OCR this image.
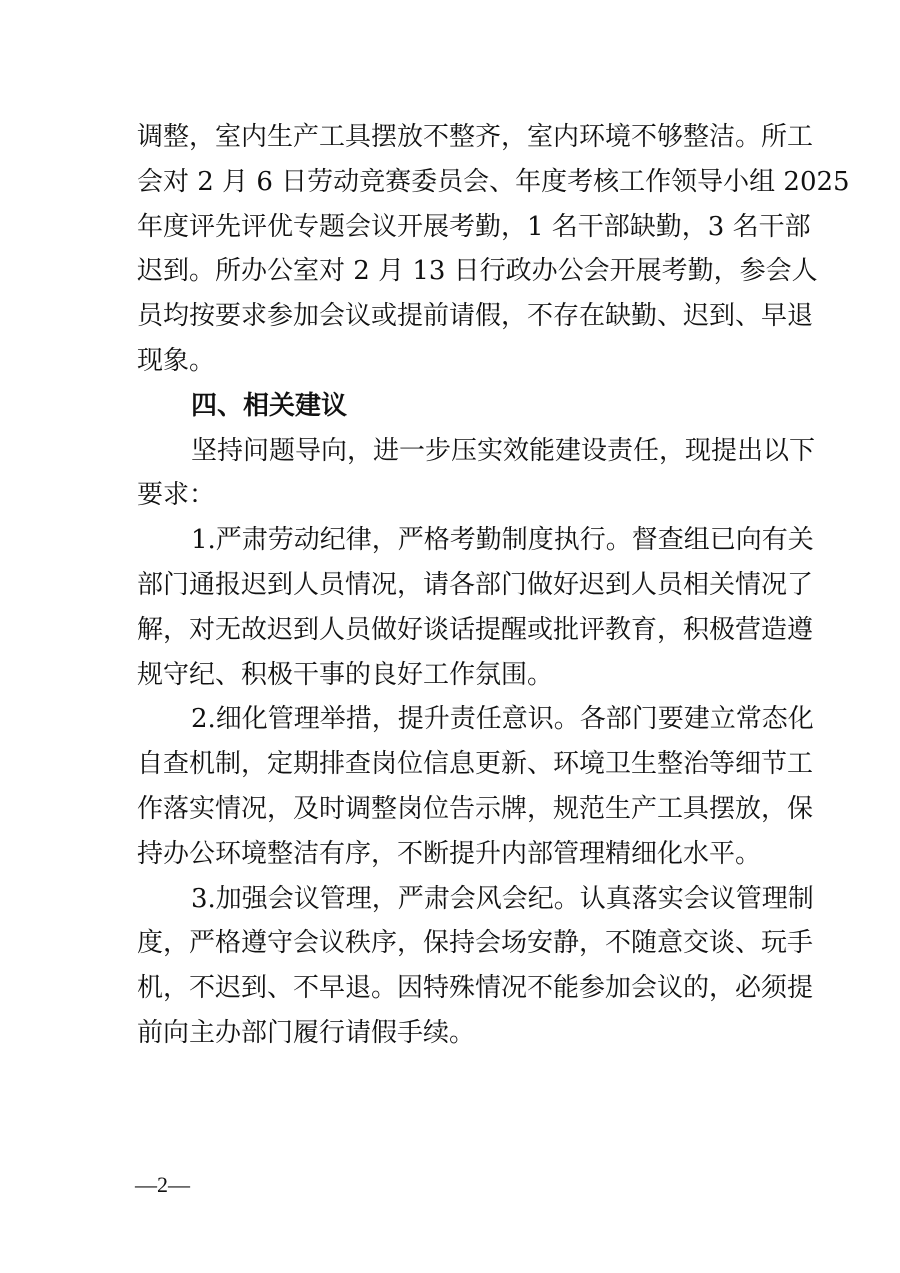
调整，室内生产工具摆放不整齐，室内环境不够整洁。所工
会对 2 月 6 日劳动竞赛委员会、年度考核工作领导小组 2025
年度评先评优专题会议开展考勤，1 名干部缺勤，3 名干部
迟到。所办公室对 2 月 13 日行政办公会开展考勤，参会人
员均按要求参加会议或提前请假，不存在缺勤、迟到、早退
现象。
四、相关建议
坚持问题导向，进一步压实效能建设责任，现提出以下
要求：
1.严肃劳动纪律，严格考勤制度执行。督查组已向有关
部门通报迟到人员情况，请各部门做好迟到人员相关情况了
解，对无故迟到人员做好谈话提醒或批评教育，积极营造遵
规守纪、积极干事的良好工作氛围。
2.细化管理举措，提升责任意识。各部门要建立常态化
自查机制，定期排查岗位信息更新、环境卫生整治等细节工
作落实情况，及时调整岗位告示牌，规范生产工具摆放，保
持办公环境整洁有序，不断提升内部管理精细化水平。
3.加强会议管理，严肃会风会纪。认真落实会议管理制
度，严格遵守会议秩序，保持会场安静，不随意交谈、玩手
机，不迟到、不早退。因特殊情况不能参加会议的，必须提
前向主办部门履行请假手续。
—2—
